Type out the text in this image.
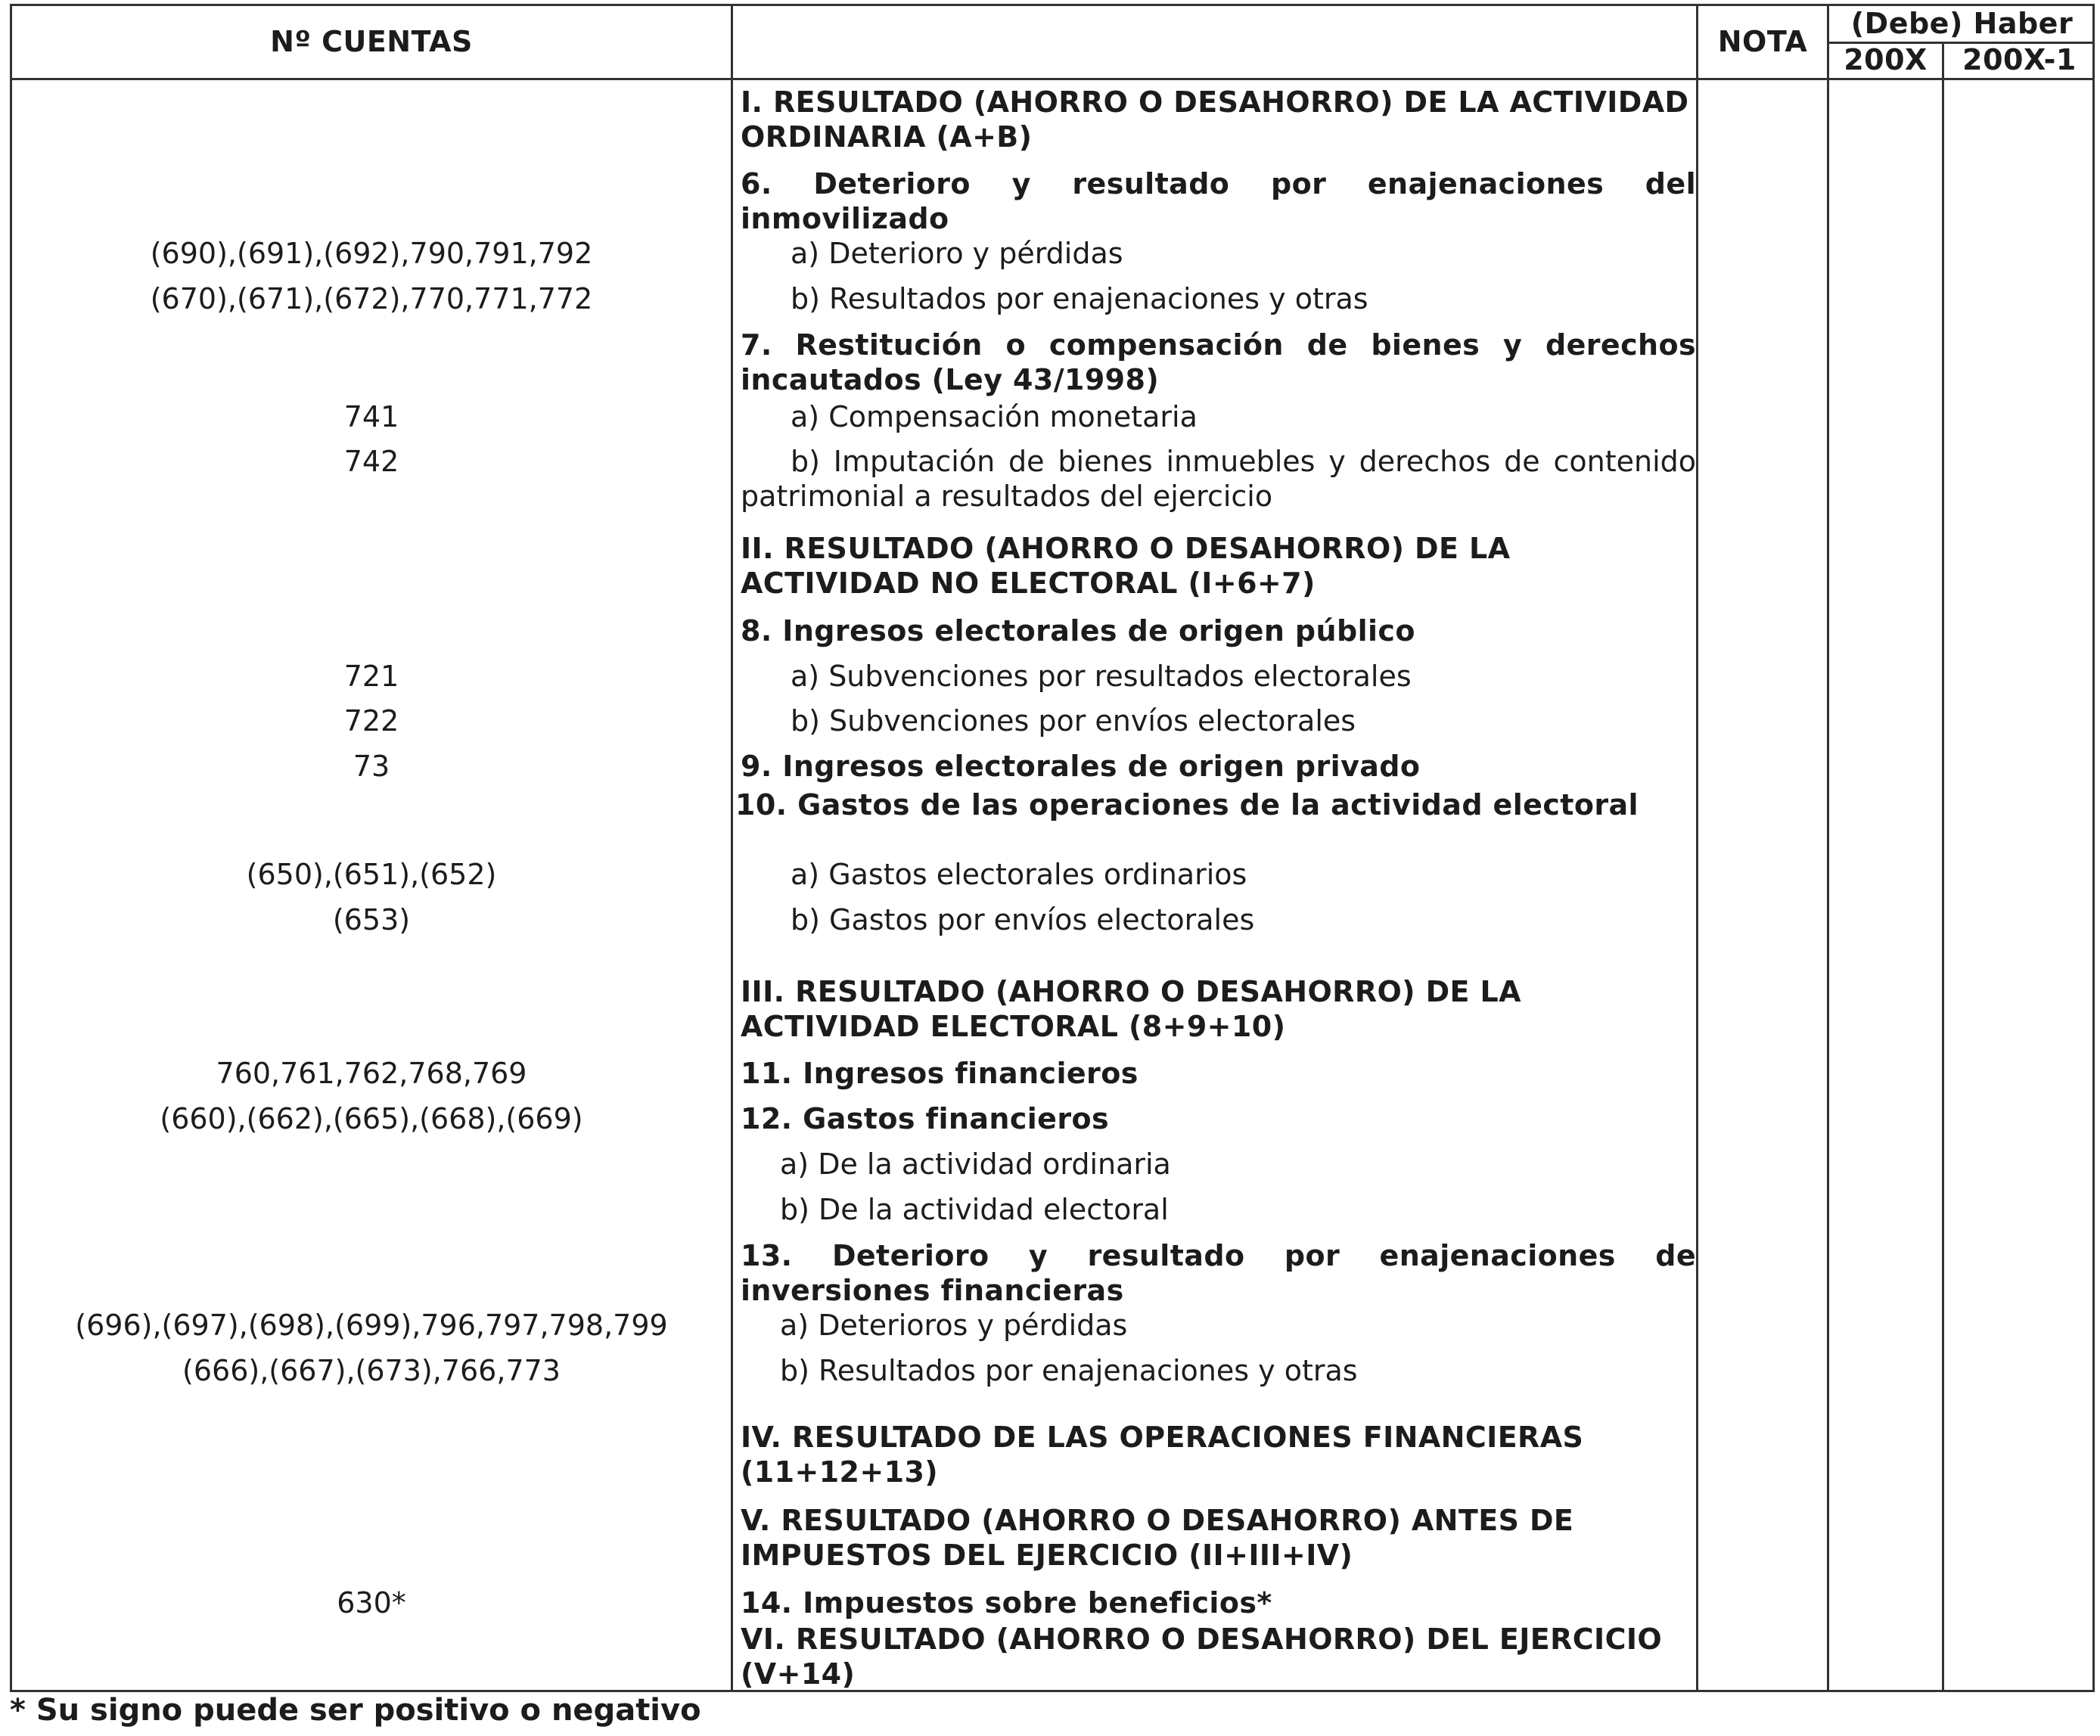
Nº CUENTAS	NOTA
(Debe) Haber
200X	200X-1
I. RESULTADO (AHORRO O DESAHORRO) DE LA ACTIVIDAD ORDINARIA (A+B)
6. Deterioro y resultado por enajenaciones del inmovilizado
(690),(691),(692),790,791,792	a) Deterioro y pérdidas
(670),(671),(672),770,771,772	b) Resultados por enajenaciones y otras
7. Restitución o compensación de bienes y derechos incautados (Ley 43/1998)
741	a) Compensación monetaria
742	b) Imputación de bienes inmuebles y derechos de contenido patrimonial a resultados del ejercicio
II. RESULTADO (AHORRO O DESAHORRO) DE LA ACTIVIDAD NO ELECTORAL (I+6+7)
8. Ingresos electorales de origen público
721	a) Subvenciones por resultados electorales
722	b) Subvenciones por envíos electorales
73	9. Ingresos electorales de origen privado
10. Gastos de las operaciones de la actividad electoral
(650),(651),(652)	a) Gastos electorales ordinarios
(653)	b) Gastos por envíos electorales
III. RESULTADO (AHORRO O DESAHORRO) DE LA ACTIVIDAD ELECTORAL (8+9+10)
760,761,762,768,769	11. Ingresos financieros
(660),(662),(665),(668),(669)	12. Gastos financieros
a) De la actividad ordinaria
b) De la actividad electoral
13. Deterioro y resultado por enajenaciones de inversiones financieras
(696),(697),(698),(699),796,797,798,799	a) Deterioros y pérdidas
(666),(667),(673),766,773	b) Resultados por enajenaciones y otras
IV. RESULTADO DE LAS OPERACIONES FINANCIERAS (11+12+13)
V. RESULTADO (AHORRO O DESAHORRO) ANTES DE IMPUESTOS DEL EJERCICIO (II+III+IV)
630*	14. Impuestos sobre beneficios*
VI. RESULTADO (AHORRO O DESAHORRO) DEL EJERCICIO (V+14)
* Su signo puede ser positivo o negativo
